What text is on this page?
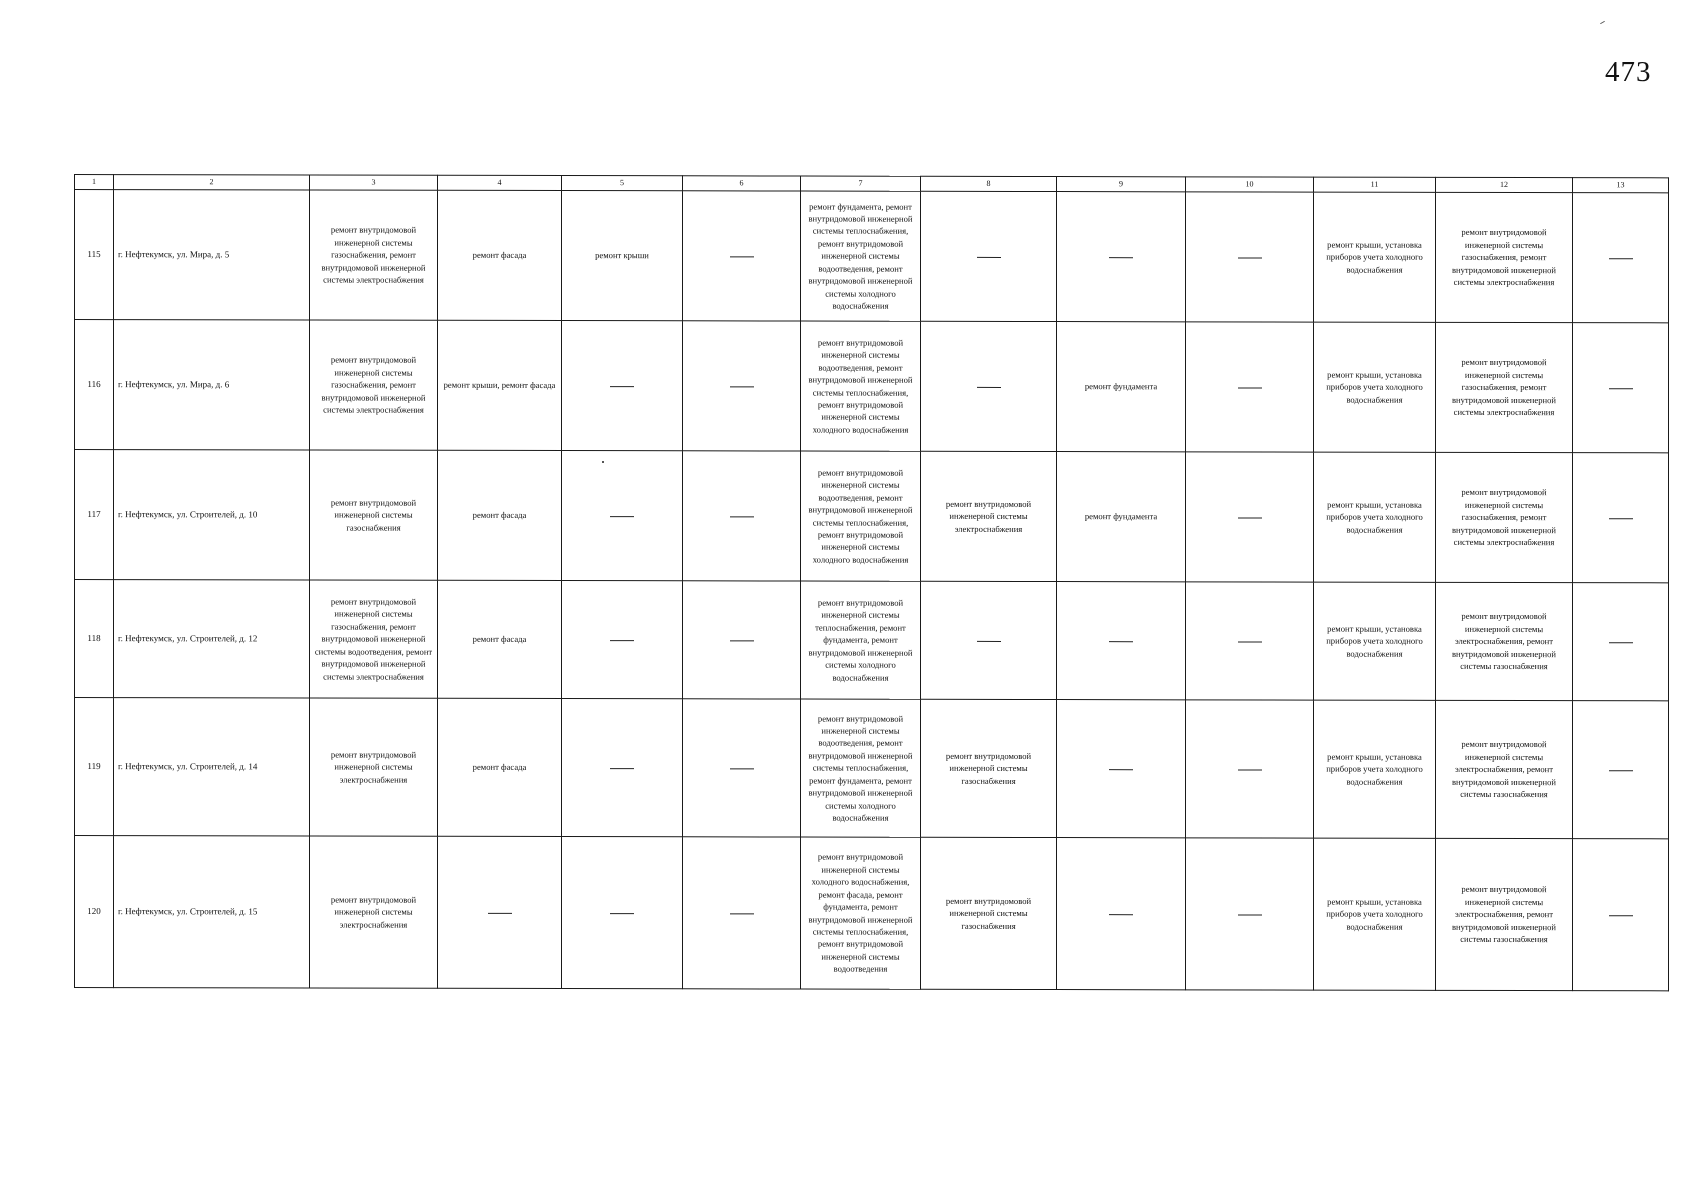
473
1	2	3	4	5	6	7	8	9	10	11	12	13
115	г. Нефтекумск, ул. Мира, д. 5	ремонт внутридомовой инженерной системы газоснабжения, ремонт внутридомовой инженерной системы электроснабжения	ремонт фасада	ремонт крыши		ремонт фундамента, ремонт внутридомовой инженерной системы теплоснабжения, ремонт внутридомовой инженерной системы водоотведения, ремонт внутридомовой инженерной системы холодного водоснабжения				ремонт крыши, установка приборов учета холодного водоснабжения	ремонт внутридомовой инженерной системы газоснабжения, ремонт внутридомовой инженерной системы электроснабжения	
116	г. Нефтекумск, ул. Мира, д. 6	ремонт внутридомовой инженерной системы газоснабжения, ремонт внутридомовой инженерной системы электроснабжения	ремонт крыши, ремонт фасада			ремонт внутридомовой инженерной системы водоотведения, ремонт внутридомовой инженерной системы теплоснабжения, ремонт внутридомовой инженерной системы холодного водоснабжения		ремонт фундамента		ремонт крыши, установка приборов учета холодного водоснабжения	ремонт внутридомовой инженерной системы газоснабжения, ремонт внутридомовой инженерной системы электроснабжения	
117	г. Нефтекумск, ул. Строителей, д. 10	ремонт внутридомовой инженерной системы газоснабжения	ремонт фасада			ремонт внутридомовой инженерной системы водоотведения, ремонт внутридомовой инженерной системы теплоснабжения, ремонт внутридомовой инженерной системы холодного водоснабжения	ремонт внутридомовой инженерной системы электроснабжения	ремонт фундамента		ремонт крыши, установка приборов учета холодного водоснабжения	ремонт внутридомовой инженерной системы газоснабжения, ремонт внутридомовой инженерной системы электроснабжения	
118	г. Нефтекумск, ул. Строителей, д. 12	ремонт внутридомовой инженерной системы газоснабжения, ремонт внутридомовой инженерной системы водоотведения, ремонт внутридомовой инженерной системы электроснабжения	ремонт фасада			ремонт внутридомовой инженерной системы теплоснабжения, ремонт фундамента, ремонт внутридомовой инженерной системы холодного водоснабжения				ремонт крыши, установка приборов учета холодного водоснабжения	ремонт внутридомовой инженерной системы электроснабжения, ремонт внутридомовой инженерной системы газоснабжения	
119	г. Нефтекумск, ул. Строителей, д. 14	ремонт внутридомовой инженерной системы электроснабжения	ремонт фасада			ремонт внутридомовой инженерной системы водоотведения, ремонт внутридомовой инженерной системы теплоснабжения, ремонт фундамента, ремонт внутридомовой инженерной системы холодного водоснабжения	ремонт внутридомовой инженерной системы газоснабжения			ремонт крыши, установка приборов учета холодного водоснабжения	ремонт внутридомовой инженерной системы электроснабжения, ремонт внутридомовой инженерной системы газоснабжения	
120	г. Нефтекумск, ул. Строителей, д. 15	ремонт внутридомовой инженерной системы электроснабжения				ремонт внутридомовой инженерной системы холодного водоснабжения, ремонт фасада, ремонт фундамента, ремонт внутридомовой инженерной системы теплоснабжения, ремонт внутридомовой инженерной системы водоотведения	ремонт внутридомовой инженерной системы газоснабжения			ремонт крыши, установка приборов учета холодного водоснабжения	ремонт внутридомовой инженерной системы электроснабжения, ремонт внутридомовой инженерной системы газоснабжения	
